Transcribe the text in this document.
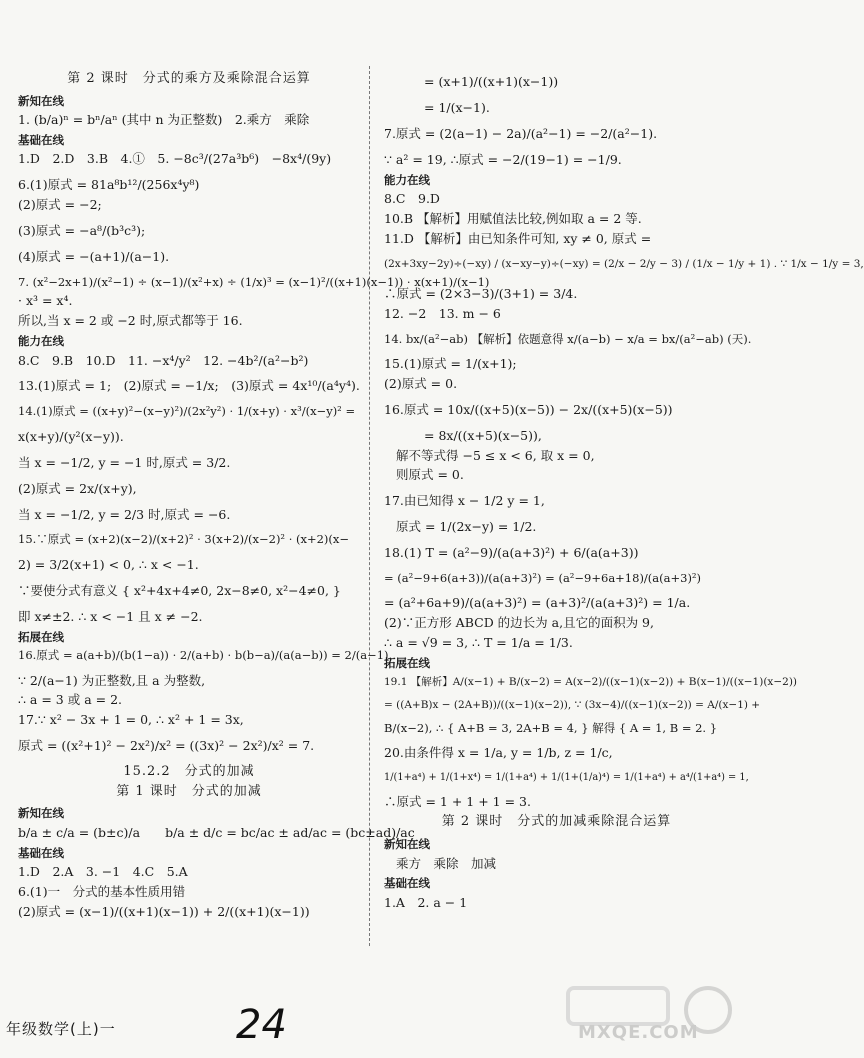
第 2 课时　分式的乘方及乘除混合运算
新知在线
1. (b/a)ⁿ = bⁿ/aⁿ (其中 n 为正整数)　2.乘方　乘除
基础在线
1.D　2.D　3.B　4.①　5. −8c³/(27a³b⁶)　−8x⁴/(9y)
6.(1)原式 = 81a⁸b¹²/(256x⁴y⁸)
(2)原式 = −2;
(3)原式 = −a⁸/(b³c³);
(4)原式 = −(a+1)/(a−1).
7. (x²−2x+1)/(x²−1) ÷ (x−1)/(x²+x) ÷ (1/x)³ = (x−1)²/((x+1)(x−1)) · x(x+1)/(x−1)
· x³ = x⁴.
所以,当 x = 2 或 −2 时,原式都等于 16.
能力在线
8.C　9.B　10.D　11. −x⁴/y²　12. −4b²/(a²−b²)
13.(1)原式 = 1;　(2)原式 = −1/x;　(3)原式 = 4x¹⁰/(a⁴y⁴).
14.(1)原式 = ((x+y)²−(x−y)²)/(2x²y²) · 1/(x+y) · x³/(x−y)² =
x(x+y)/(y²(x−y)).
当 x = −1/2, y = −1 时,原式 = 3/2.
(2)原式 = 2x/(x+y),
当 x = −1/2, y = 2/3 时,原式 = −6.
15.∵原式 = (x+2)(x−2)/(x+2)² · 3(x+2)/(x−2)² · (x+2)(x−
2) = 3/2(x+1) < 0, ∴ x < −1.
∵要使分式有意义 { x²+4x+4≠0, 2x−8≠0, x²−4≠0, }
即 x≠±2. ∴ x < −1 且 x ≠ −2.
拓展在线
16.原式 = a(a+b)/(b(1−a)) · 2/(a+b) · b(b−a)/(a(a−b)) = 2/(a−1).
∵ 2/(a−1) 为正整数,且 a 为整数,
∴ a = 3 或 a = 2.
17.∵ x² − 3x + 1 = 0, ∴ x² + 1 = 3x,
原式 = ((x²+1)² − 2x²)/x² = ((3x)² − 2x²)/x² = 7.
15.2.2　分式的加减
第 1 课时　分式的加减
新知在线
b/a ± c/a = (b±c)/a　　b/a ± d/c = bc/ac ± ad/ac = (bc±ad)/ac
基础在线
1.D　2.A　3. −1　4.C　5.A
6.(1)一　分式的基本性质用错
(2)原式 = (x−1)/((x+1)(x−1)) + 2/((x+1)(x−1))
= (x+1)/((x+1)(x−1))
= 1/(x−1).
7.原式 = (2(a−1) − 2a)/(a²−1) = −2/(a²−1).
∵ a² = 19, ∴原式 = −2/(19−1) = −1/9.
能力在线
8.C　9.D
10.B 【解析】用赋值法比较,例如取 a = 2 等.
11.D 【解析】由已知条件可知, xy ≠ 0, 原式 =
(2x+3xy−2y)÷(−xy) / (x−xy−y)÷(−xy) = (2/x − 2/y − 3) / (1/x − 1/y + 1) . ∵ 1/x − 1/y = 3,
∴原式 = (2×3−3)/(3+1) = 3/4.
12. −2　13. m − 6
14. bx/(a²−ab) 【解析】依题意得 x/(a−b) − x/a = bx/(a²−ab) (天).
15.(1)原式 = 1/(x+1);
(2)原式 = 0.
16.原式 = 10x/((x+5)(x−5)) − 2x/((x+5)(x−5))
= 8x/((x+5)(x−5)),
解不等式得 −5 ≤ x < 6, 取 x = 0,
则原式 = 0.
17.由已知得 x − 1/2 y = 1,
原式 = 1/(2x−y) = 1/2.
18.(1) T = (a²−9)/(a(a+3)²) + 6/(a(a+3))
= (a²−9+6(a+3))/(a(a+3)²) = (a²−9+6a+18)/(a(a+3)²)
= (a²+6a+9)/(a(a+3)²) = (a+3)²/(a(a+3)²) = 1/a.
(2)∵正方形 ABCD 的边长为 a,且它的面积为 9,
∴ a = √9 = 3, ∴ T = 1/a = 1/3.
拓展在线
19.1 【解析】A/(x−1) + B/(x−2) = A(x−2)/((x−1)(x−2)) + B(x−1)/((x−1)(x−2))
= ((A+B)x − (2A+B))/((x−1)(x−2)), ∵ (3x−4)/((x−1)(x−2)) = A/(x−1) +
B/(x−2), ∴ { A+B = 3, 2A+B = 4, } 解得 { A = 1, B = 2. }
20.由条件得 x = 1/a, y = 1/b, z = 1/c,
1/(1+a⁴) + 1/(1+x⁴) = 1/(1+a⁴) + 1/(1+(1/a)⁴) = 1/(1+a⁴) + a⁴/(1+a⁴) = 1,
∴原式 = 1 + 1 + 1 = 3.
第 2 课时　分式的加减乘除混合运算
新知在线
乘方　乘除　加减
基础在线
1.A　2. a − 1
年级数学(上)一	24	MXQE.COM
